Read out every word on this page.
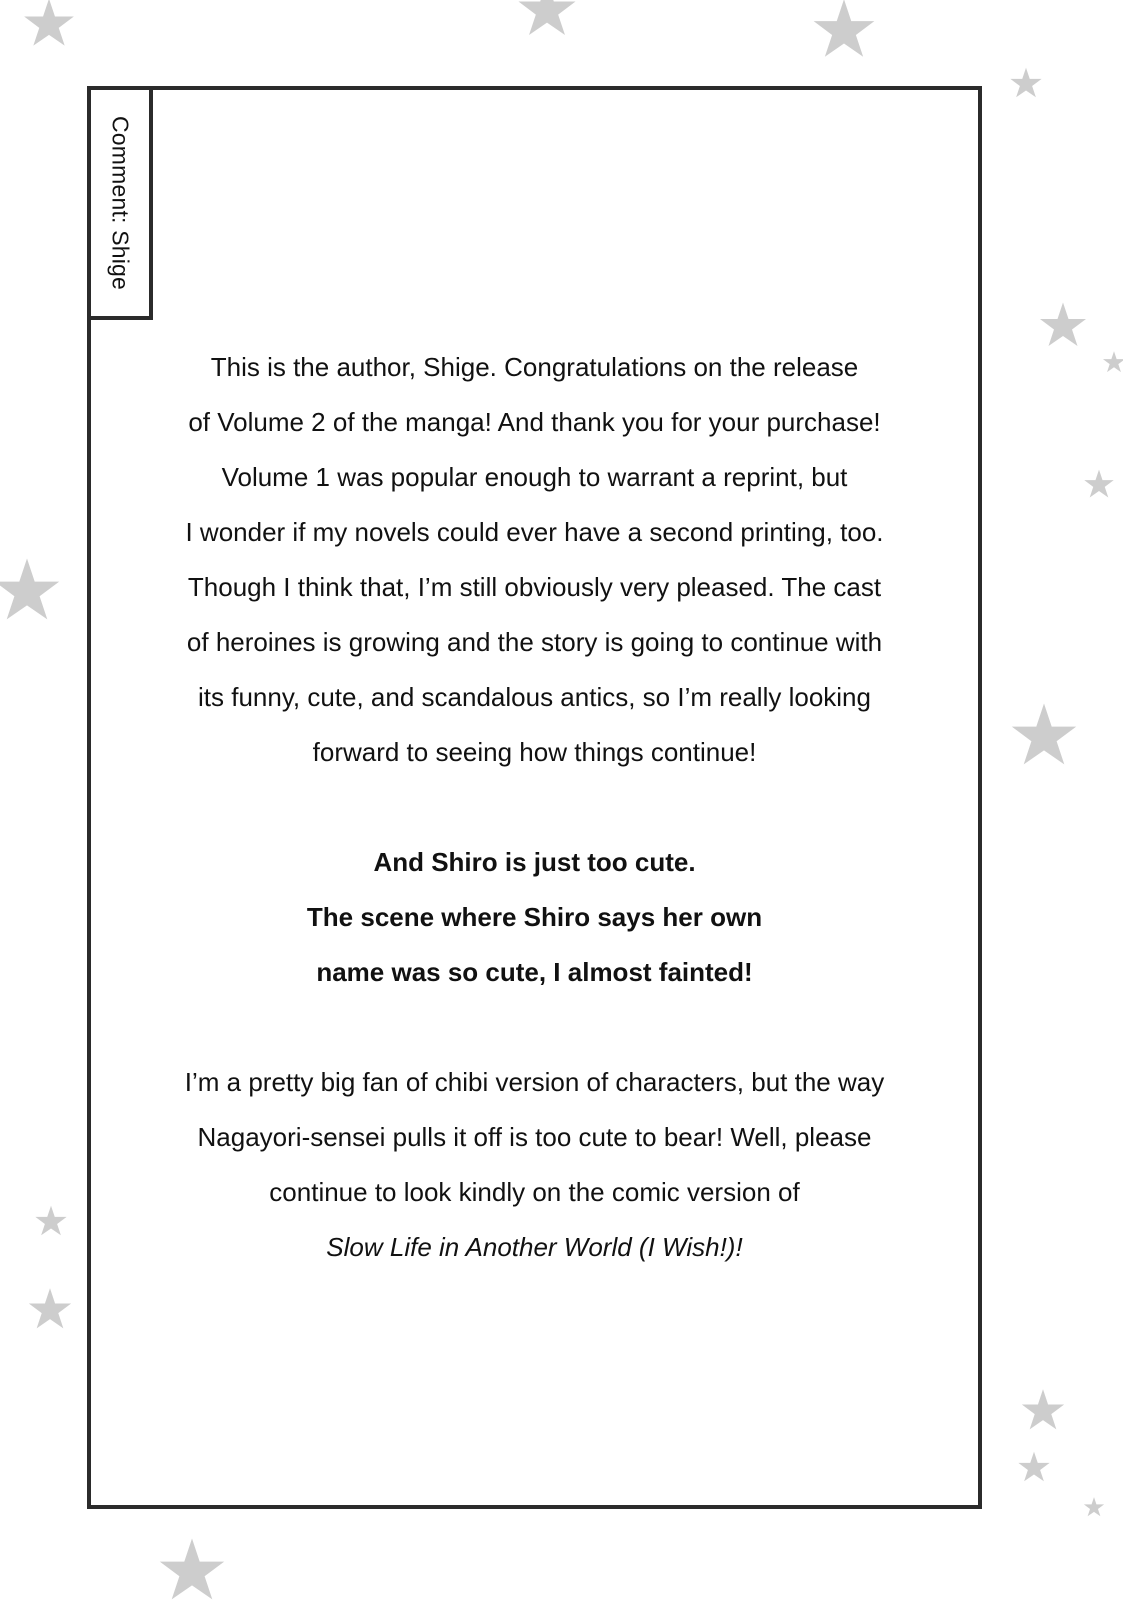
Comment: Shige
This is the author, Shige. Congratulations on the release
of Volume 2 of the manga! And thank you for your purchase!
Volume 1 was popular enough to warrant a reprint, but
I wonder if my novels could ever have a second printing, too.
Though I think that, I’m still obviously very pleased. The cast
of heroines is growing and the story is going to continue with
its funny, cute, and scandalous antics, so I’m really looking
forward to seeing how things continue!
And Shiro is just too cute.
The scene where Shiro says her own
name was so cute, I almost fainted!
I’m a pretty big fan of chibi version of characters, but the way
Nagayori-sensei pulls it off is too cute to bear! Well, please
continue to look kindly on the comic version of
Slow Life in Another World (I Wish!)!
